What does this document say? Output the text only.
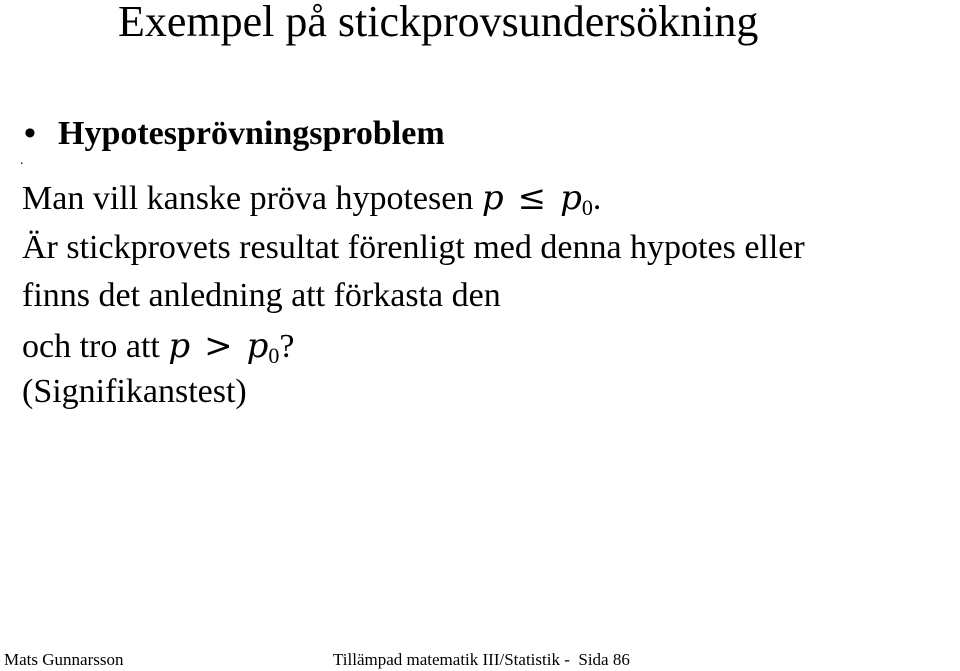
Exempel på stickprovsundersökning
• Hypotesprövningsproblem
.
Man vill kanske pröva hypotesen $p \le p_0$.
Är stickprovets resultat förenligt med denna hypotes eller
finns det anledning att förkasta den
och tro att $p > p_0$?
(Signifikanstest)
Mats Gunnarsson	Tillämpad matematik III/Statistik -  Sida 86
